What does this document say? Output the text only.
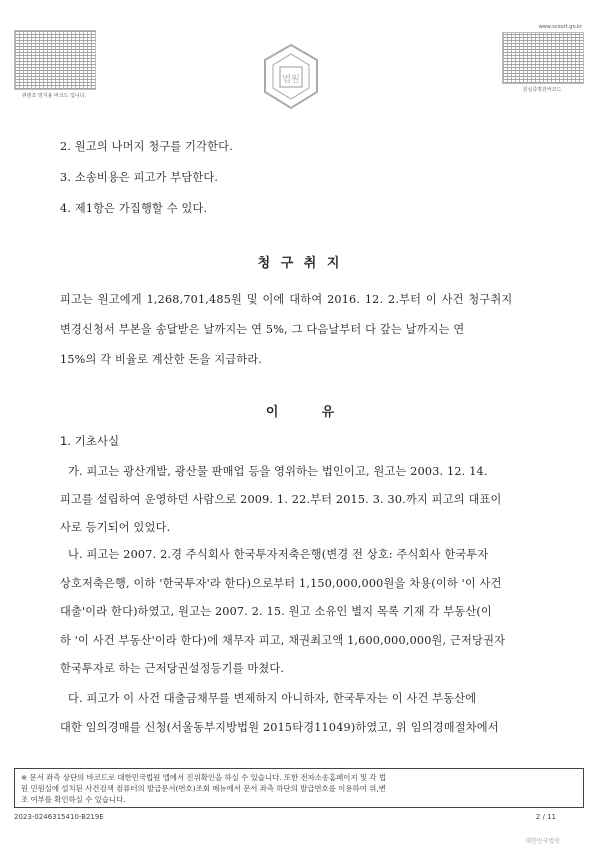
위변조 방지용 바코드 입니다.
법원
www.scourt.go.kr
원심증명원바코드

2. 원고의 나머지 청구를 기각한다.

3. 소송비용은 피고가 부담한다.

4. 제1항은 가집행할 수 있다.

청 구 취 지

피고는 원고에게 1,268,701,485원 및 이에 대하여 2016. 12. 2.부터 이 사건 청구취지

변경신청서 부본을 송달받은 날까지는 연 5%, 그 다음날부터 다 갚는 날까지는 연

15%의 각 비율로 계산한 돈을 지급하라.

이	유
1. 기초사실

가. 피고는 광산개발, 광산물 판매업 등을 영위하는 법인이고, 원고는 2003. 12. 14.

피고를 설립하여 운영하던 사람으로 2009. 1. 22.부터 2015. 3. 30.까지 피고의 대표이

사로 등기되어 있었다.

나. 피고는 2007. 2.경 주식회사 한국투자저축은행(변경 전 상호: 주식회사 한국투자

상호저축은행, 이하 '한국투자'라 한다)으로부터 1,150,000,000원을 차용(이하 '이 사건

대출'이라 한다)하였고, 원고는 2007. 2. 15. 원고 소유인 별지 목록 기재 각 부동산(이

하 '이 사건 부동산'이라 한다)에 채무자 피고, 채권최고액 1,600,000,000원, 근저당권자

한국투자로 하는 근저당권설정등기를 마쳤다.

다. 피고가 이 사건 대출금채무를 변제하지 아니하자, 한국투자는 이 사건 부동산에

대한 임의경매를 신청(서울동부지방법원 2015타경11049)하였고, 위 임의경매절차에서

※ 문서 좌측 상단의 바코드로 대한민국법원 앱에서 진위확인을 하실 수 있습니다. 또한 전자소송홈페이지 및 각 법
원 민원실에 설치된 사건검색 컴퓨터의 발급문서(번호)조회 메뉴에서 문서 좌측 하단의 발급번호를 이용하여 위,변
조 여부를 확인하실 수 있습니다.
2023-0246315410-B219E	2 / 11
대한민국법원
